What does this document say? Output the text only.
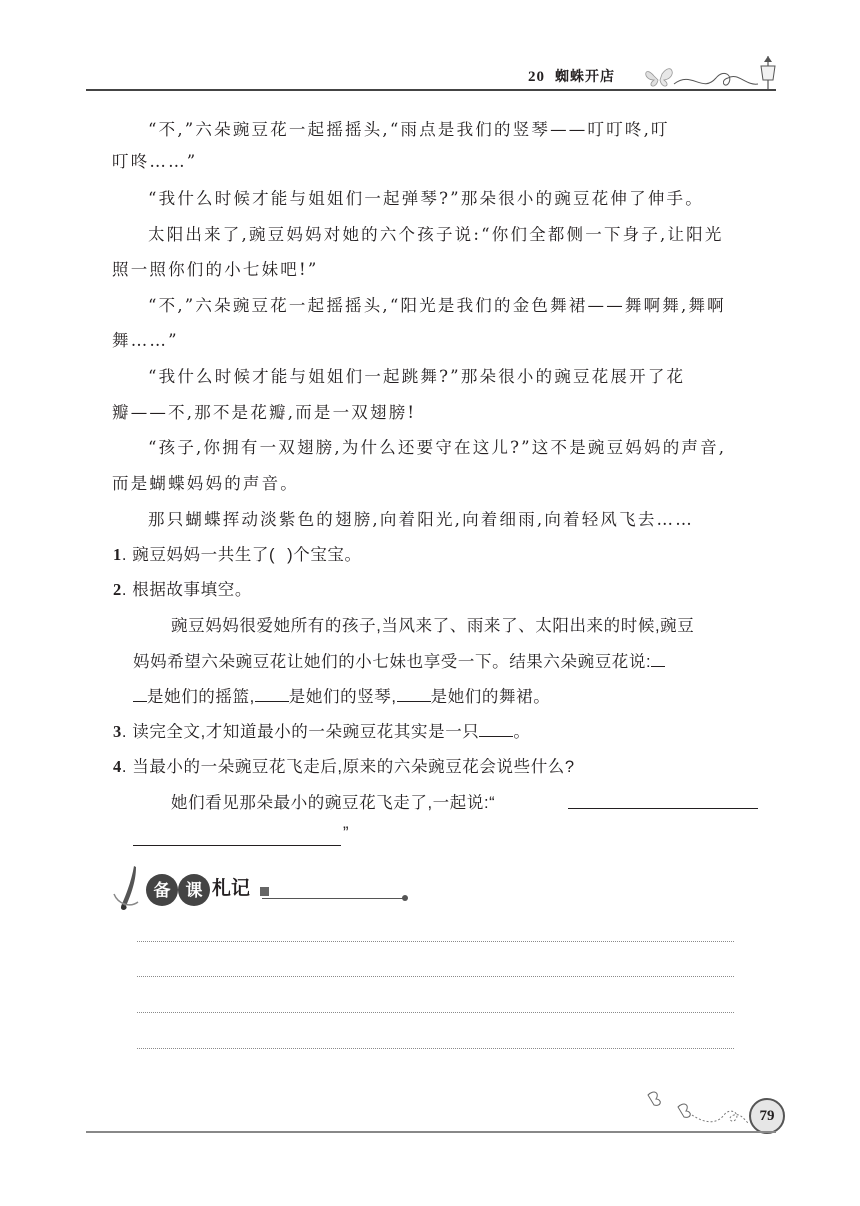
20 蜘蛛开店
“不,”六朵豌豆花一起摇摇头,“雨点是我们的竖琴——叮叮咚,叮
叮咚……”
“我什么时候才能与姐姐们一起弹琴?”那朵很小的豌豆花伸了伸手。
太阳出来了,豌豆妈妈对她的六个孩子说:“你们全都侧一下身子,让阳光
照一照你们的小七妹吧!”
“不,”六朵豌豆花一起摇摇头,“阳光是我们的金色舞裙——舞啊舞,舞啊
舞……”
“我什么时候才能与姐姐们一起跳舞?”那朵很小的豌豆花展开了花
瓣——不,那不是花瓣,而是一双翅膀!
“孩子,你拥有一双翅膀,为什么还要守在这儿?”这不是豌豆妈妈的声音,
而是蝴蝶妈妈的声音。
那只蝴蝶挥动淡紫色的翅膀,向着阳光,向着细雨,向着轻风飞去……
1. 豌豆妈妈一共生了( )个宝宝。
2. 根据故事填空。
豌豆妈妈很爱她所有的孩子,当风来了、雨来了、太阳出来的时候,豌豆
妈妈希望六朵豌豆花让她们的小七妹也享受一下。结果六朵豌豆花说:
是她们的摇篮, 是她们的竖琴, 是她们的舞裙。
3. 读完全文,才知道最小的一朵豌豆花其实是一只 。
4. 当最小的一朵豌豆花飞走后,原来的六朵豌豆花会说些什么?
她们看见那朵最小的豌豆花飞走了,一起说:“
”
备 课 札记
79
